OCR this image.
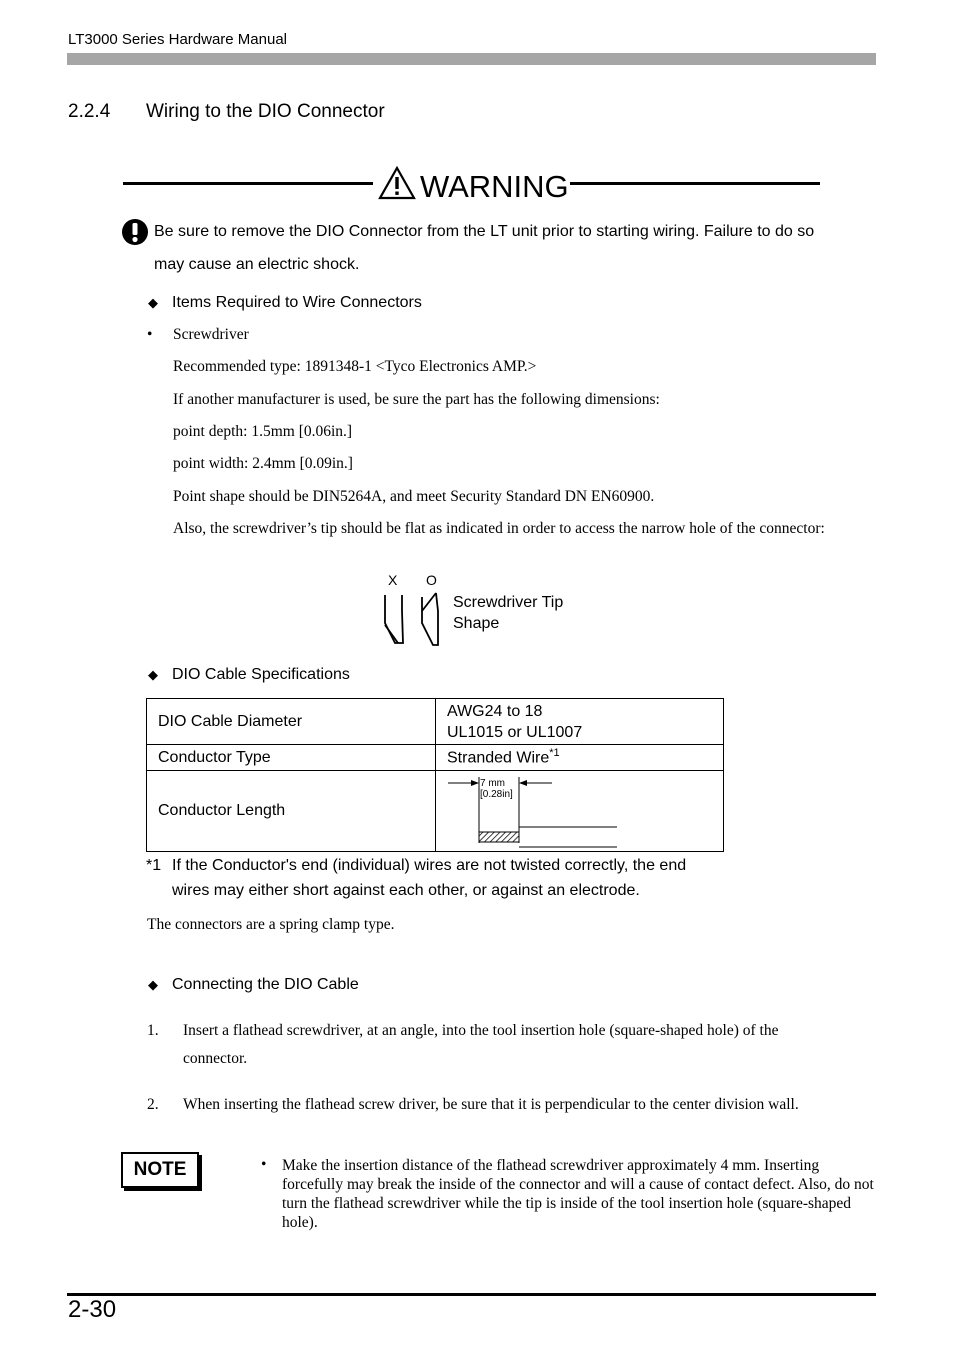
LT3000 Series Hardware Manual
2.2.4 Wiring to the DIO Connector
WARNING
Be sure to remove the DIO Connector from the LT unit prior to starting wiring. Failure to do so may cause an electric shock.
◆ Items Required to Wire Connectors
• Screwdriver
Recommended type: 1891348-1 <Tyco Electronics AMP.>
If another manufacturer is used, be sure the part has the following dimensions:
point depth: 1.5mm [0.06in.]
point width: 2.4mm [0.09in.]
Point shape should be DIN5264A, and meet Security Standard DN EN60900.
Also, the screwdriver’s tip should be flat as indicated in order to access the narrow hole of the connector:
X O
Screwdriver Tip
Shape
◆ DIO Cable Specifications
DIO Cable Diameter	AWG24 to 18
UL1015 or UL1007

Conductor Type	Stranded Wire$^{*1}$
Conductor Length	7 mm
[0.28in]
*1 If the Conductor's end (individual) wires are not twisted correctly, the end
wires may either short against each other, or against an electrode.
The connectors are a spring clamp type.
◆ Connecting the DIO Cable
1. Insert a flathead screwdriver, at an angle, into the tool insertion hole (square-shaped hole) of the connector.
2. When inserting the flathead screw driver, be sure that it is perpendicular to the center division wall.
NOTE	• Make the insertion distance of the flathead screwdriver approximately 4 mm. Inserting forcefully may break the inside of the connector and will a cause of contact defect. Also, do not turn the flathead screwdriver while the tip is inside of the tool insertion hole (square-shaped hole).
2-30
